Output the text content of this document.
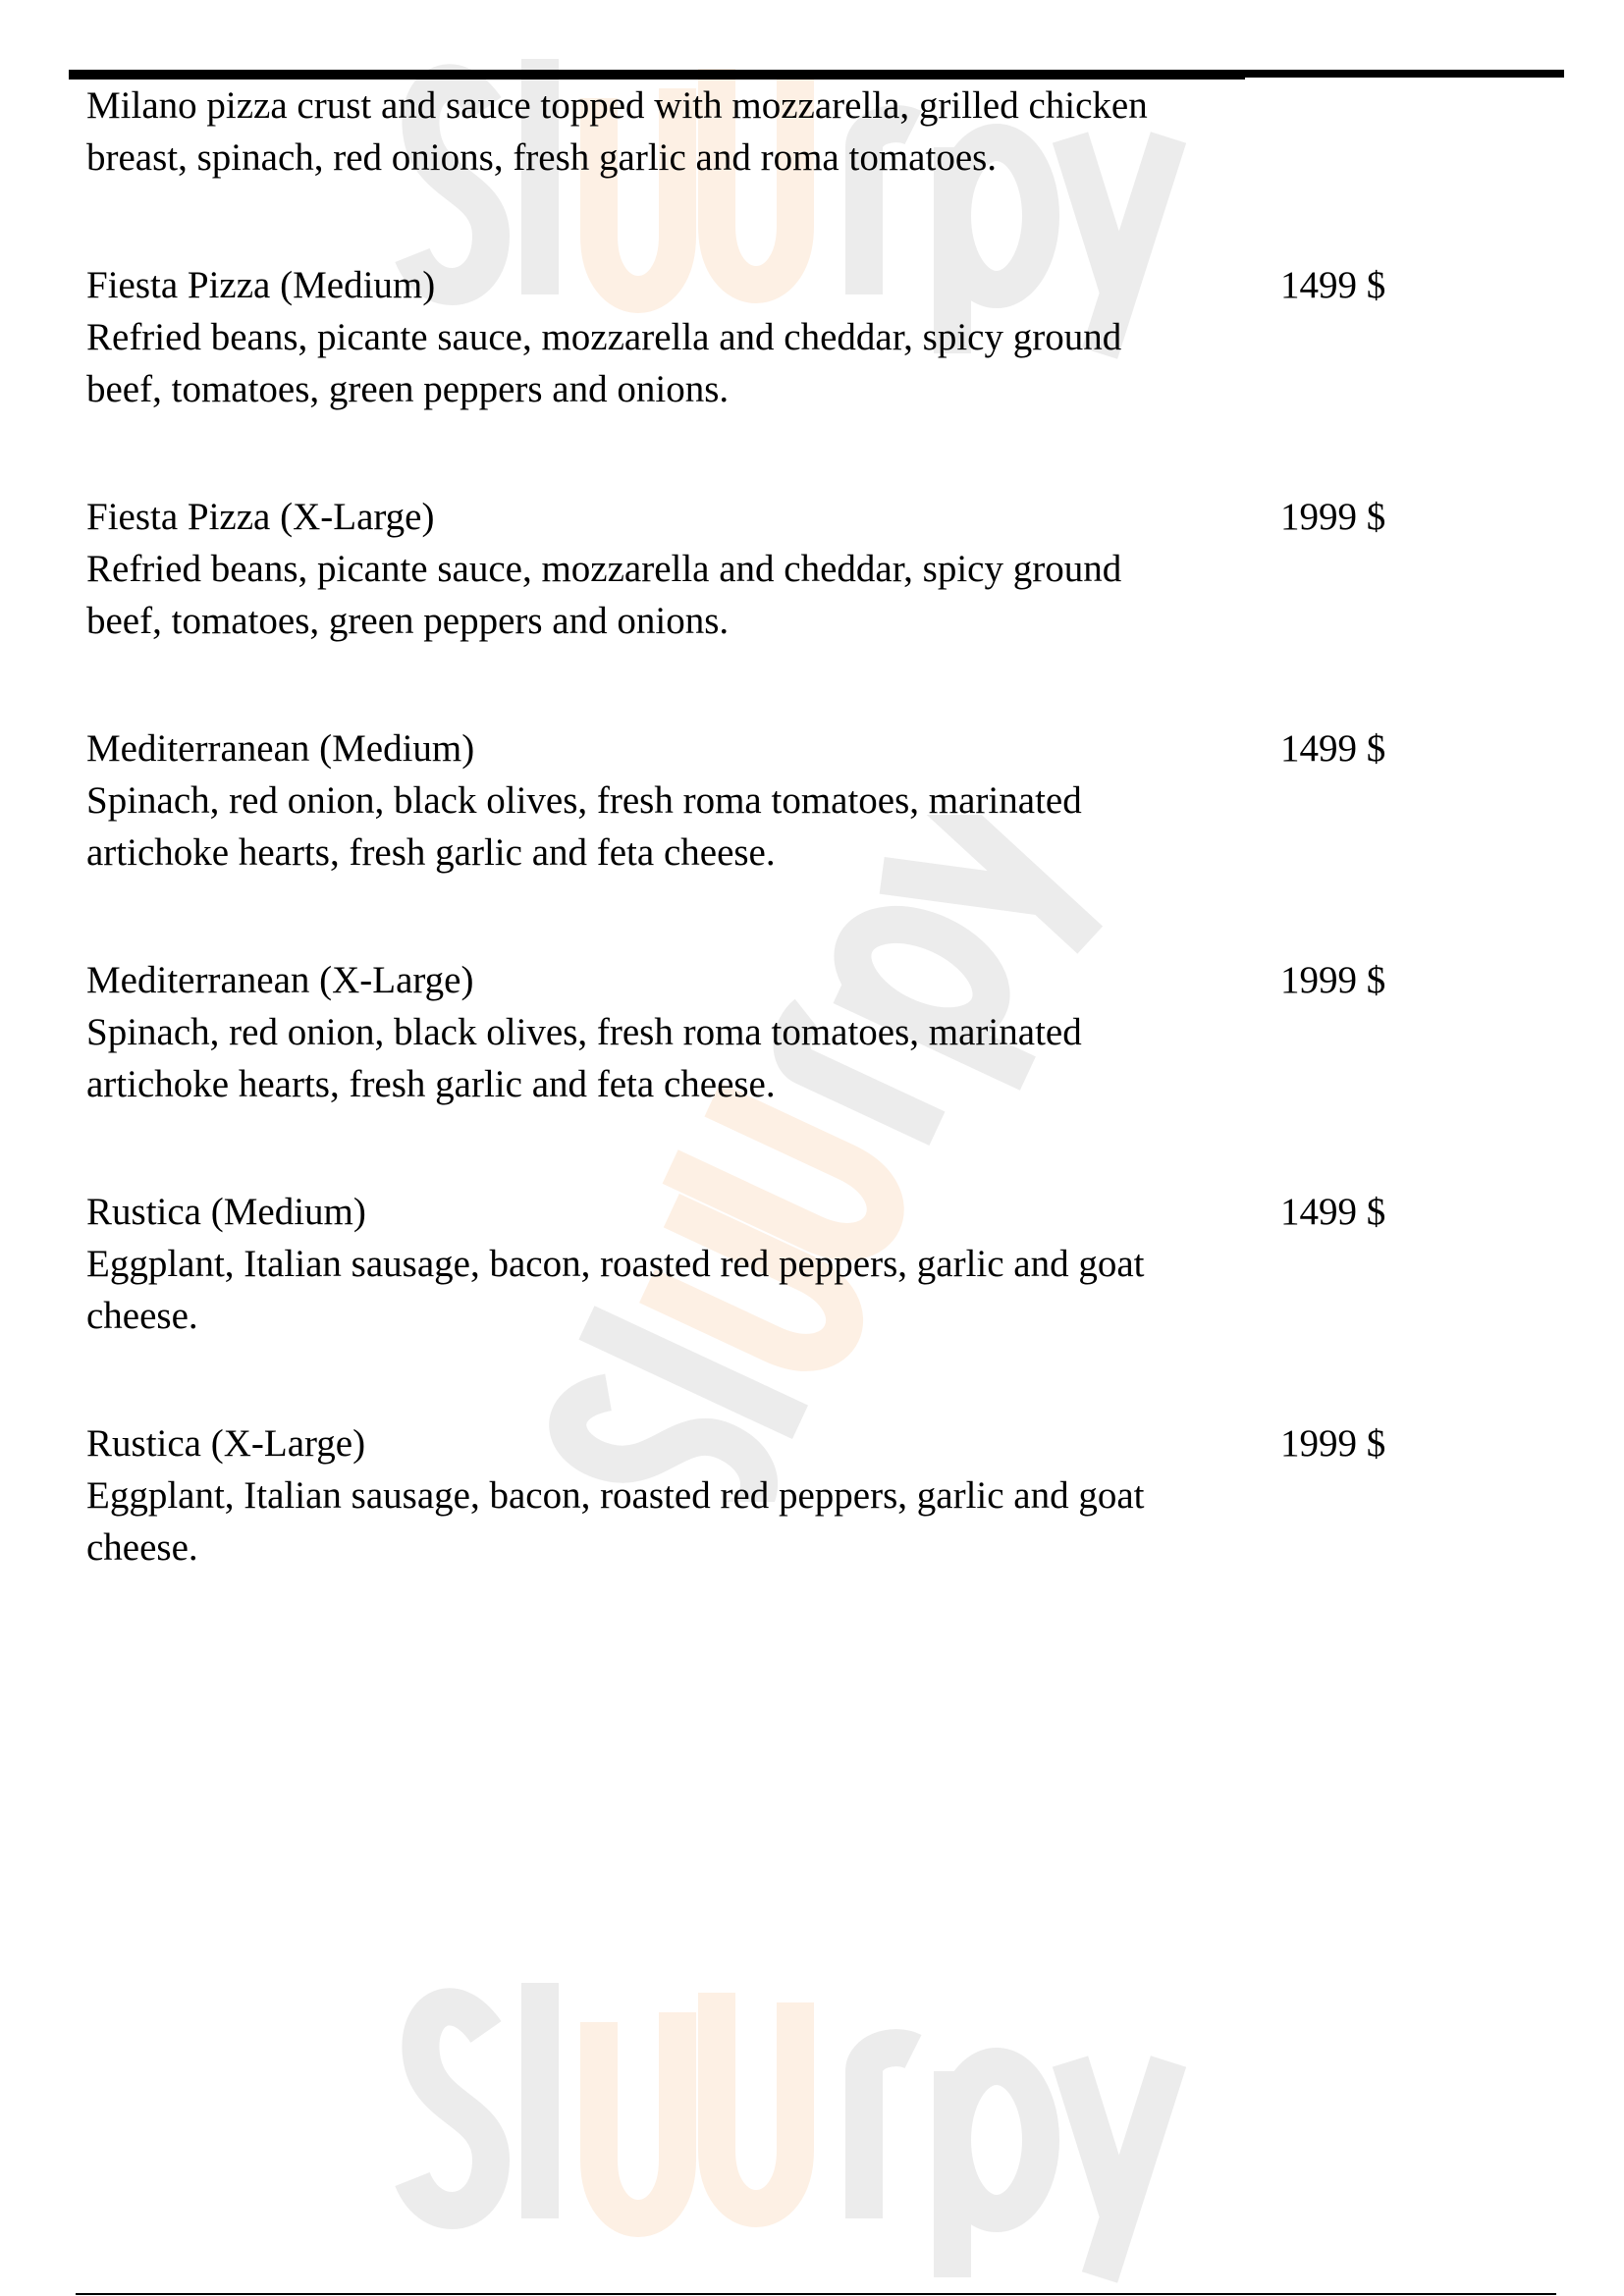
Milano pizza crust and sauce topped with mozzarella, grilled chicken
breast, spinach, red onions, fresh garlic and roma tomatoes.
Fiesta Pizza (Medium)	1499 $
Refried beans, picante sauce, mozzarella and cheddar, spicy ground
beef, tomatoes, green peppers and onions.
Fiesta Pizza (X-Large)	1999 $
Refried beans, picante sauce, mozzarella and cheddar, spicy ground
beef, tomatoes, green peppers and onions.
Mediterranean (Medium)	1499 $
Spinach, red onion, black olives, fresh roma tomatoes, marinated
artichoke hearts, fresh garlic and feta cheese.
Mediterranean (X-Large)	1999 $
Spinach, red onion, black olives, fresh roma tomatoes, marinated
artichoke hearts, fresh garlic and feta cheese.
Rustica (Medium)	1499 $
Eggplant, Italian sausage, bacon, roasted red peppers, garlic and goat
cheese.
Rustica (X-Large)	1999 $
Eggplant, Italian sausage, bacon, roasted red peppers, garlic and goat
cheese.
